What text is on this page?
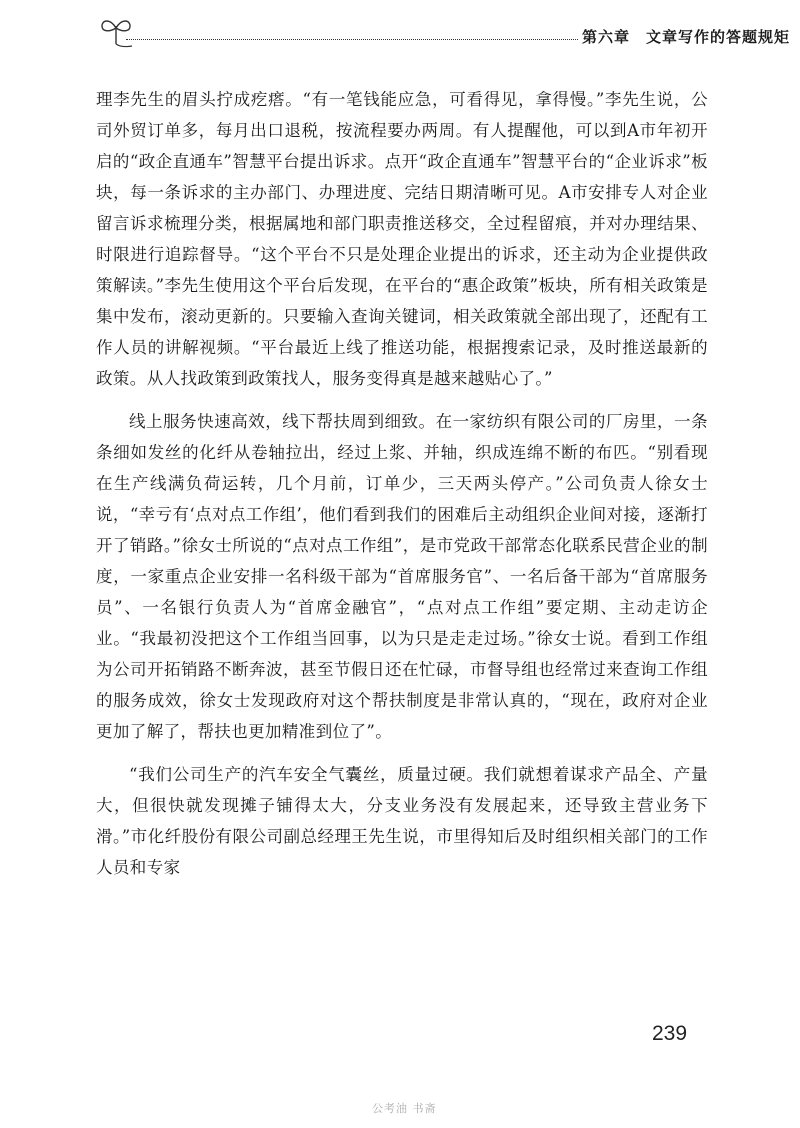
第六章　文章写作的答题规矩

理李先生的眉头拧成疙瘩。“有一笔钱能应急，可看得见，拿得慢。”李先生说，公司外贸订单多，每月出口退税，按流程要办两周。有人提醒他，可以到A市年初开启的“政企直通车”智慧平台提出诉求。点开“政企直通车”智慧平台的“企业诉求”板块，每一条诉求的主办部门、办理进度、完结日期清晰可见。A市安排专人对企业留言诉求梳理分类，根据属地和部门职责推送移交，全过程留痕，并对办理结果、时限进行追踪督导。“这个平台不只是处理企业提出的诉求，还主动为企业提供政策解读。”李先生使用这个平台后发现，在平台的“惠企政策”板块，所有相关政策是集中发布，滚动更新的。只要输入查询关键词，相关政策就全部出现了，还配有工作人员的讲解视频。“平台最近上线了推送功能，根据搜索记录，及时推送最新的政策。从人找政策到政策找人，服务变得真是越来越贴心了。”

线上服务快速高效，线下帮扶周到细致。在一家纺织有限公司的厂房里，一条条细如发丝的化纤从卷轴拉出，经过上浆、并轴，织成连绵不断的布匹。“别看现在生产线满负荷运转，几个月前，订单少，三天两头停产。”公司负责人徐女士说，“幸亏有‘点对点工作组’，他们看到我们的困难后主动组织企业间对接，逐渐打开了销路。”徐女士所说的“点对点工作组”，是市党政干部常态化联系民营企业的制度，一家重点企业安排一名科级干部为“首席服务官”、一名后备干部为“首席服务员”、一名银行负责人为“首席金融官”，“点对点工作组”要定期、主动走访企业。“我最初没把这个工作组当回事，以为只是走走过场。”徐女士说。看到工作组为公司开拓销路不断奔波，甚至节假日还在忙碌，市督导组也经常过来查询工作组的服务成效，徐女士发现政府对这个帮扶制度是非常认真的，“现在，政府对企业更加了解了，帮扶也更加精准到位了”。

“我们公司生产的汽车安全气囊丝，质量过硬。我们就想着谋求产品全、产量大，但很快就发现摊子铺得太大，分支业务没有发展起来，还导致主营业务下滑。”市化纤股份有限公司副总经理王先生说，市里得知后及时组织相关部门的工作人员和专家

239
公考油 书斋
